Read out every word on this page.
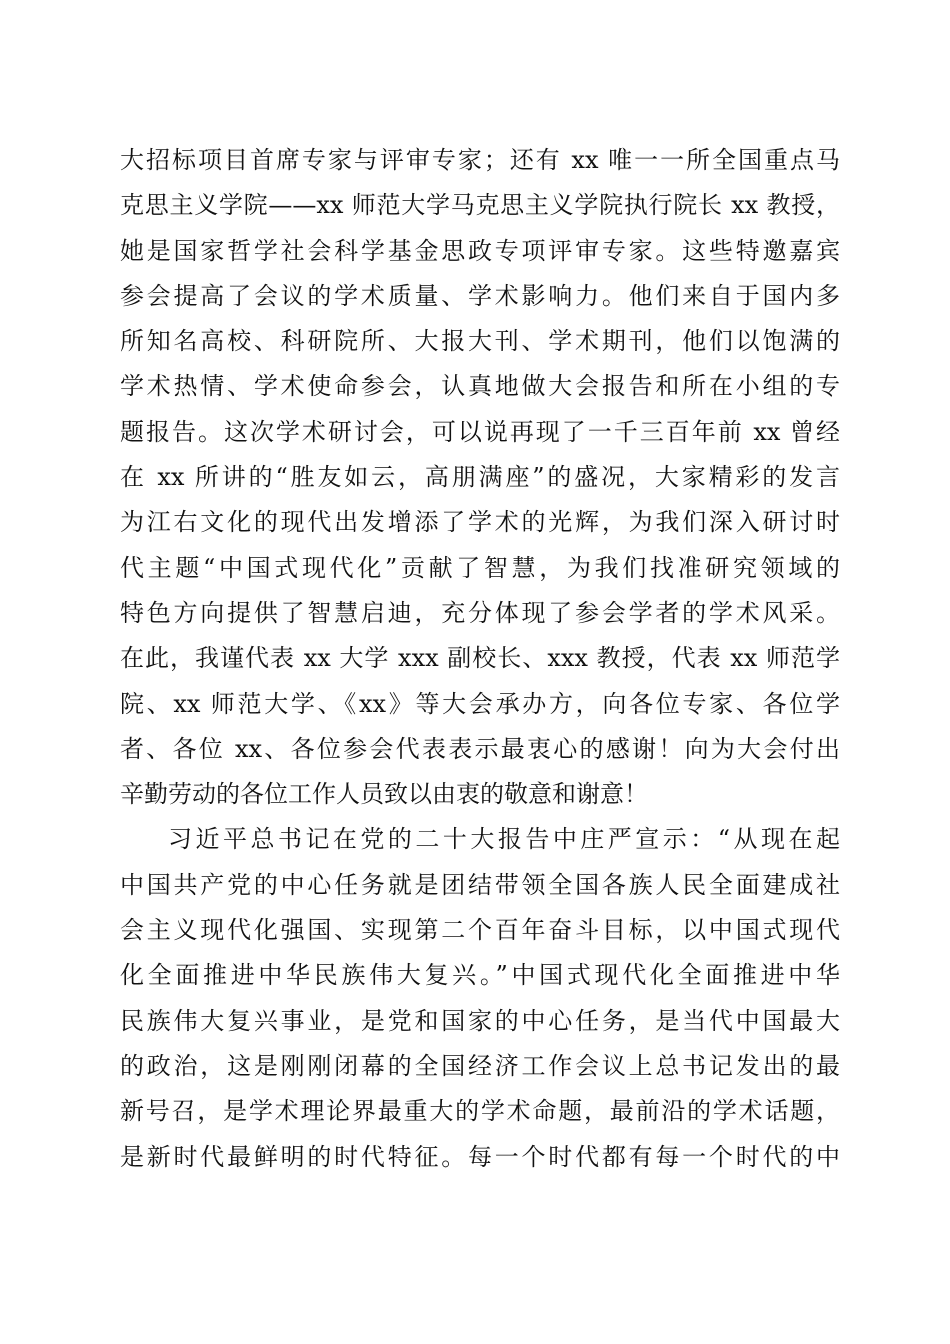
大招标项目首席专家与评审专家；还有 xx 唯一一所全国重点马
克思主义学院——xx 师范大学马克思主义学院执行院长 xx 教授，
她是国家哲学社会科学基金思政专项评审专家。这些特邀嘉宾
参会提高了会议的学术质量、学术影响力。他们来自于国内多
所知名高校、科研院所、大报大刊、学术期刊，他们以饱满的
学术热情、学术使命参会，认真地做大会报告和所在小组的专
题报告。这次学术研讨会，可以说再现了一千三百年前 xx 曾经
在 xx 所讲的“胜友如云，高朋满座”的盛况，大家精彩的发言
为江右文化的现代出发增添了学术的光辉，为我们深入研讨时
代主题“中国式现代化”贡献了智慧，为我们找准研究领域的
特色方向提供了智慧启迪，充分体现了参会学者的学术风采。
在此，我谨代表 xx 大学 xxx 副校长、xxx 教授，代表 xx 师范学
院、xx 师范大学、《xx》等大会承办方，向各位专家、各位学
者、各位 xx、各位参会代表表示最衷心的感谢！向为大会付出
辛勤劳动的各位工作人员致以由衷的敬意和谢意！
习近平总书记在党的二十大报告中庄严宣示：“从现在起
中国共产党的中心任务就是团结带领全国各族人民全面建成社
会主义现代化强国、实现第二个百年奋斗目标，以中国式现代
化全面推进中华民族伟大复兴。”中国式现代化全面推进中华
民族伟大复兴事业，是党和国家的中心任务，是当代中国最大
的政治，这是刚刚闭幕的全国经济工作会议上总书记发出的最
新号召，是学术理论界最重大的学术命题，最前沿的学术话题，
是新时代最鲜明的时代特征。每一个时代都有每一个时代的中
